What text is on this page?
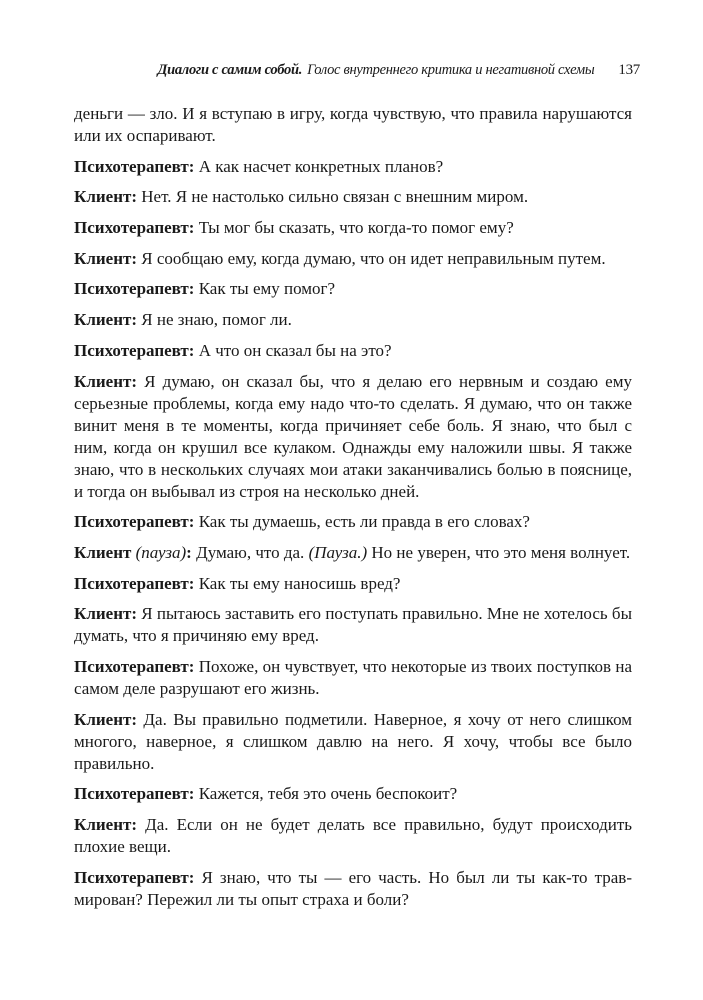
Диалоги с самим собой. Голос внутреннего критика и негативной схемы 137

деньги — зло. И я вступаю в игру, когда чувствую, что правила нарушаются или их оспаривают.

Психотерапевт: А как насчет конкретных планов?

Клиент: Нет. Я не настолько сильно связан с внешним миром.

Психотерапевт: Ты мог бы сказать, что когда-то помог ему?

Клиент: Я сообщаю ему, когда думаю, что он идет неправильным путем.

Психотерапевт: Как ты ему помог?

Клиент: Я не знаю, помог ли.

Психотерапевт: А что он сказал бы на это?

Клиент: Я думаю, он сказал бы, что я делаю его нервным и создаю ему серьезные проблемы, когда ему надо что-то сделать. Я думаю, что он также винит меня в те моменты, когда причиняет себе боль. Я знаю, что был с ним, когда он крушил все кулаком. Однажды ему наложили швы. Я также знаю, что в нескольких случаях мои атаки заканчивались болью в пояснице, и тогда он выбывал из строя на несколько дней.

Психотерапевт: Как ты думаешь, есть ли правда в его словах?

Клиент (пауза): Думаю, что да. (Пауза.) Но не уверен, что это меня волнует.

Психотерапевт: Как ты ему наносишь вред?

Клиент: Я пытаюсь заставить его поступать правильно. Мне не хотелось бы думать, что я причиняю ему вред.

Психотерапевт: Похоже, он чувствует, что некоторые из твоих поступков на самом деле разрушают его жизнь.

Клиент: Да. Вы правильно подметили. Наверное, я хочу от него слишком многого, наверное, я слишком давлю на него. Я хочу, чтобы все было правильно.

Психотерапевт: Кажется, тебя это очень беспокоит?

Клиент: Да. Если он не будет делать все правильно, будут происходить плохие вещи.

Психотерапевт: Я знаю, что ты — его часть. Но был ли ты как-то травмирован? Пережил ли ты опыт страха и боли?
